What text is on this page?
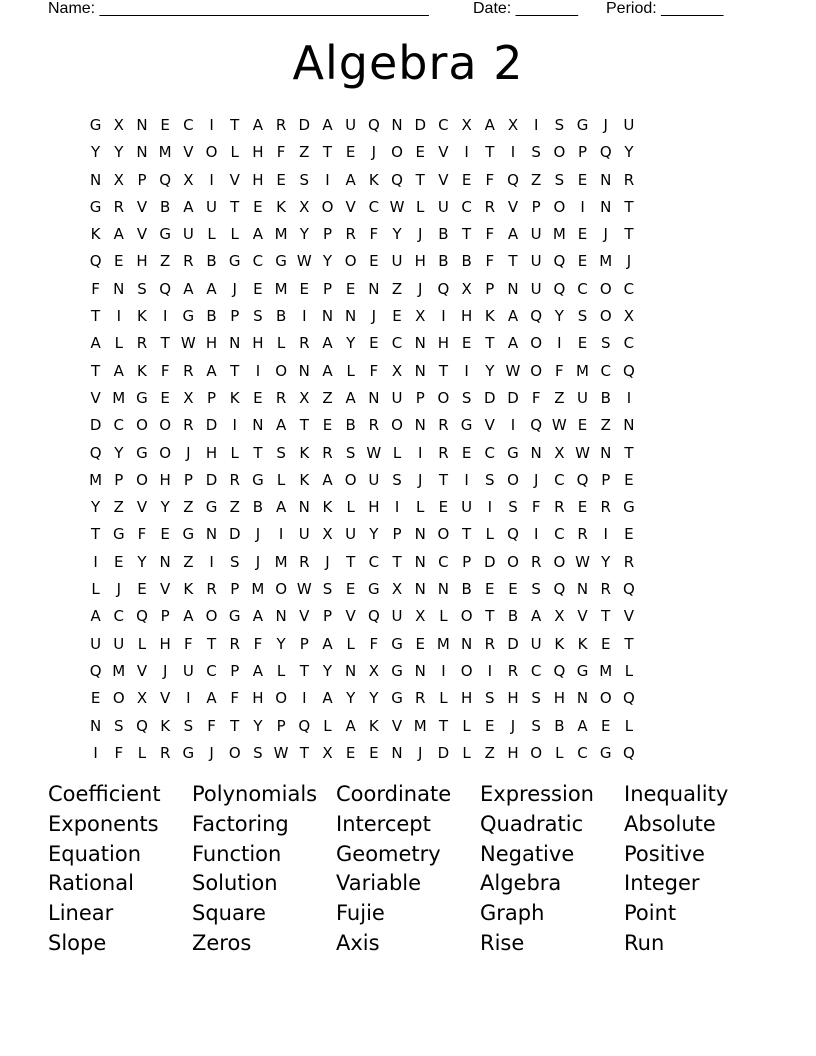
Name: _____________________________________

	Date: _______

Period: _______

Algebra 2
G X N E C	I	T A R D A U Q N D C X A X	I	S G	J	U
Y Y N M V O L H F Z T E	J	O E V	I	T	I	S O P Q Y
N X P Q X	I	V H E S	I	A K Q T V E F Q Z S E N R
G R V B A U T E K X O V C W L U C R V P O	I	N T
K A V G U L L A M Y P R F Y	J	B T F A U M E	J	T
Q E H Z R B G C G W Y O E U H B B F T U Q E M J
F N S Q A A	J	E M E P E N Z	J	Q X P N U Q C O C
T	I	K	I	G B P S B	I	N N	J	E X	I	H K A Q Y S O X
A L R T W H N H L R A Y E C N H E T A O	I	E S C
T A K F R A T	I	O N A L F X N T	I	Y W O F M C Q
V M G E X P K E R X Z A N U P O S D D F Z U B	I
D C O O R D	I	N A T E B R O N R G V	I	Q W E Z N
Q Y G O	J	H L T S K R S W L	I	R E C G N X W N T
M P O H P D R G L K A O U S	J	T	I	S O	J	C Q P E
Y Z V Y Z G Z B A N K L H	I	L E U	I	S F R E R G
T G F E G N D	J	I	U X U Y P N O T L Q	I	C R	I	E
I	E Y N Z	I	S	J M R	J	T C T N C P D O R O W Y R
L	J	E V K R P M O W S E G X N N B E E S Q N R Q
A C Q P A O G A N V P V Q U X L O T B A X V T V
U U L H F T R F Y P A L F G E M N R D U K K E T
Q M V	J	U C P A L T Y N X G N	I	O	I	R C Q G M L
E O X V	I	A F H O	I	A Y Y G R L H S H S H N O Q
N S Q K S F T Y P Q L A K V M T L E	J	S B A E L
I	F L R G	J	O S W T X E E N	J	D L Z H O L C G Q
Coefficient	Polynomials Coordinate	Expression	Inequality
Exponents	Factoring	Intercept	Quadratic	Absolute
Equation	Function	Geometry	Negative	Positive
Rational	Solution	Variable	Algebra	Integer
Linear	Square	Fujie	Graph	Point
Slope	Zeros	Axis	Rise	Run
